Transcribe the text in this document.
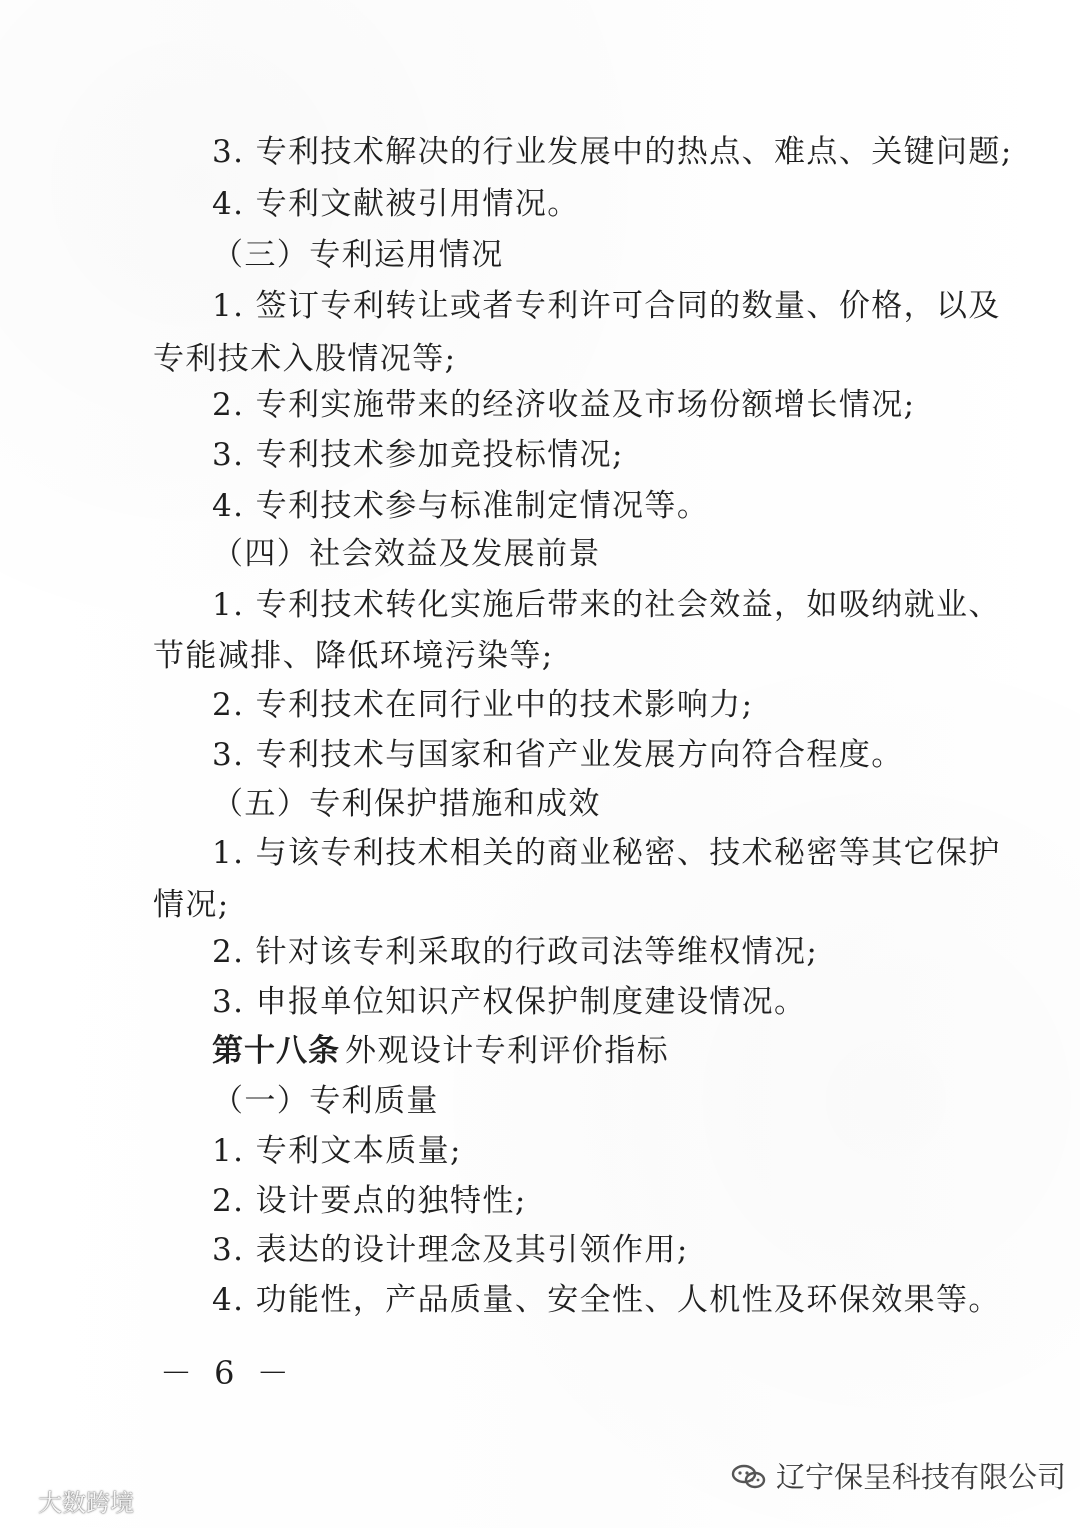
3. 专利技术解决的行业发展中的热点、难点、关键问题;
4. 专利文献被引用情况。
（三）专利运用情况
1. 签订专利转让或者专利许可合同的数量、价格，以及
专利技术入股情况等;
2. 专利实施带来的经济收益及市场份额增长情况;
3. 专利技术参加竞投标情况;
4. 专利技术参与标准制定情况等。
（四）社会效益及发展前景
1. 专利技术转化实施后带来的社会效益，如吸纳就业、
节能减排、降低环境污染等;
2. 专利技术在同行业中的技术影响力;
3. 专利技术与国家和省产业发展方向符合程度。
（五）专利保护措施和成效
1. 与该专利技术相关的商业秘密、技术秘密等其它保护
情况;
2. 针对该专利采取的行政司法等维权情况;
3. 申报单位知识产权保护制度建设情况。
第十八条 外观设计专利评价指标
（一）专利质量
1. 专利文本质量;
2. 设计要点的独特性;
3. 表达的设计理念及其引领作用;
4. 功能性，产品质量、安全性、人机性及环保效果等。
－ 6 －
大数跨境
辽宁保呈科技有限公司
